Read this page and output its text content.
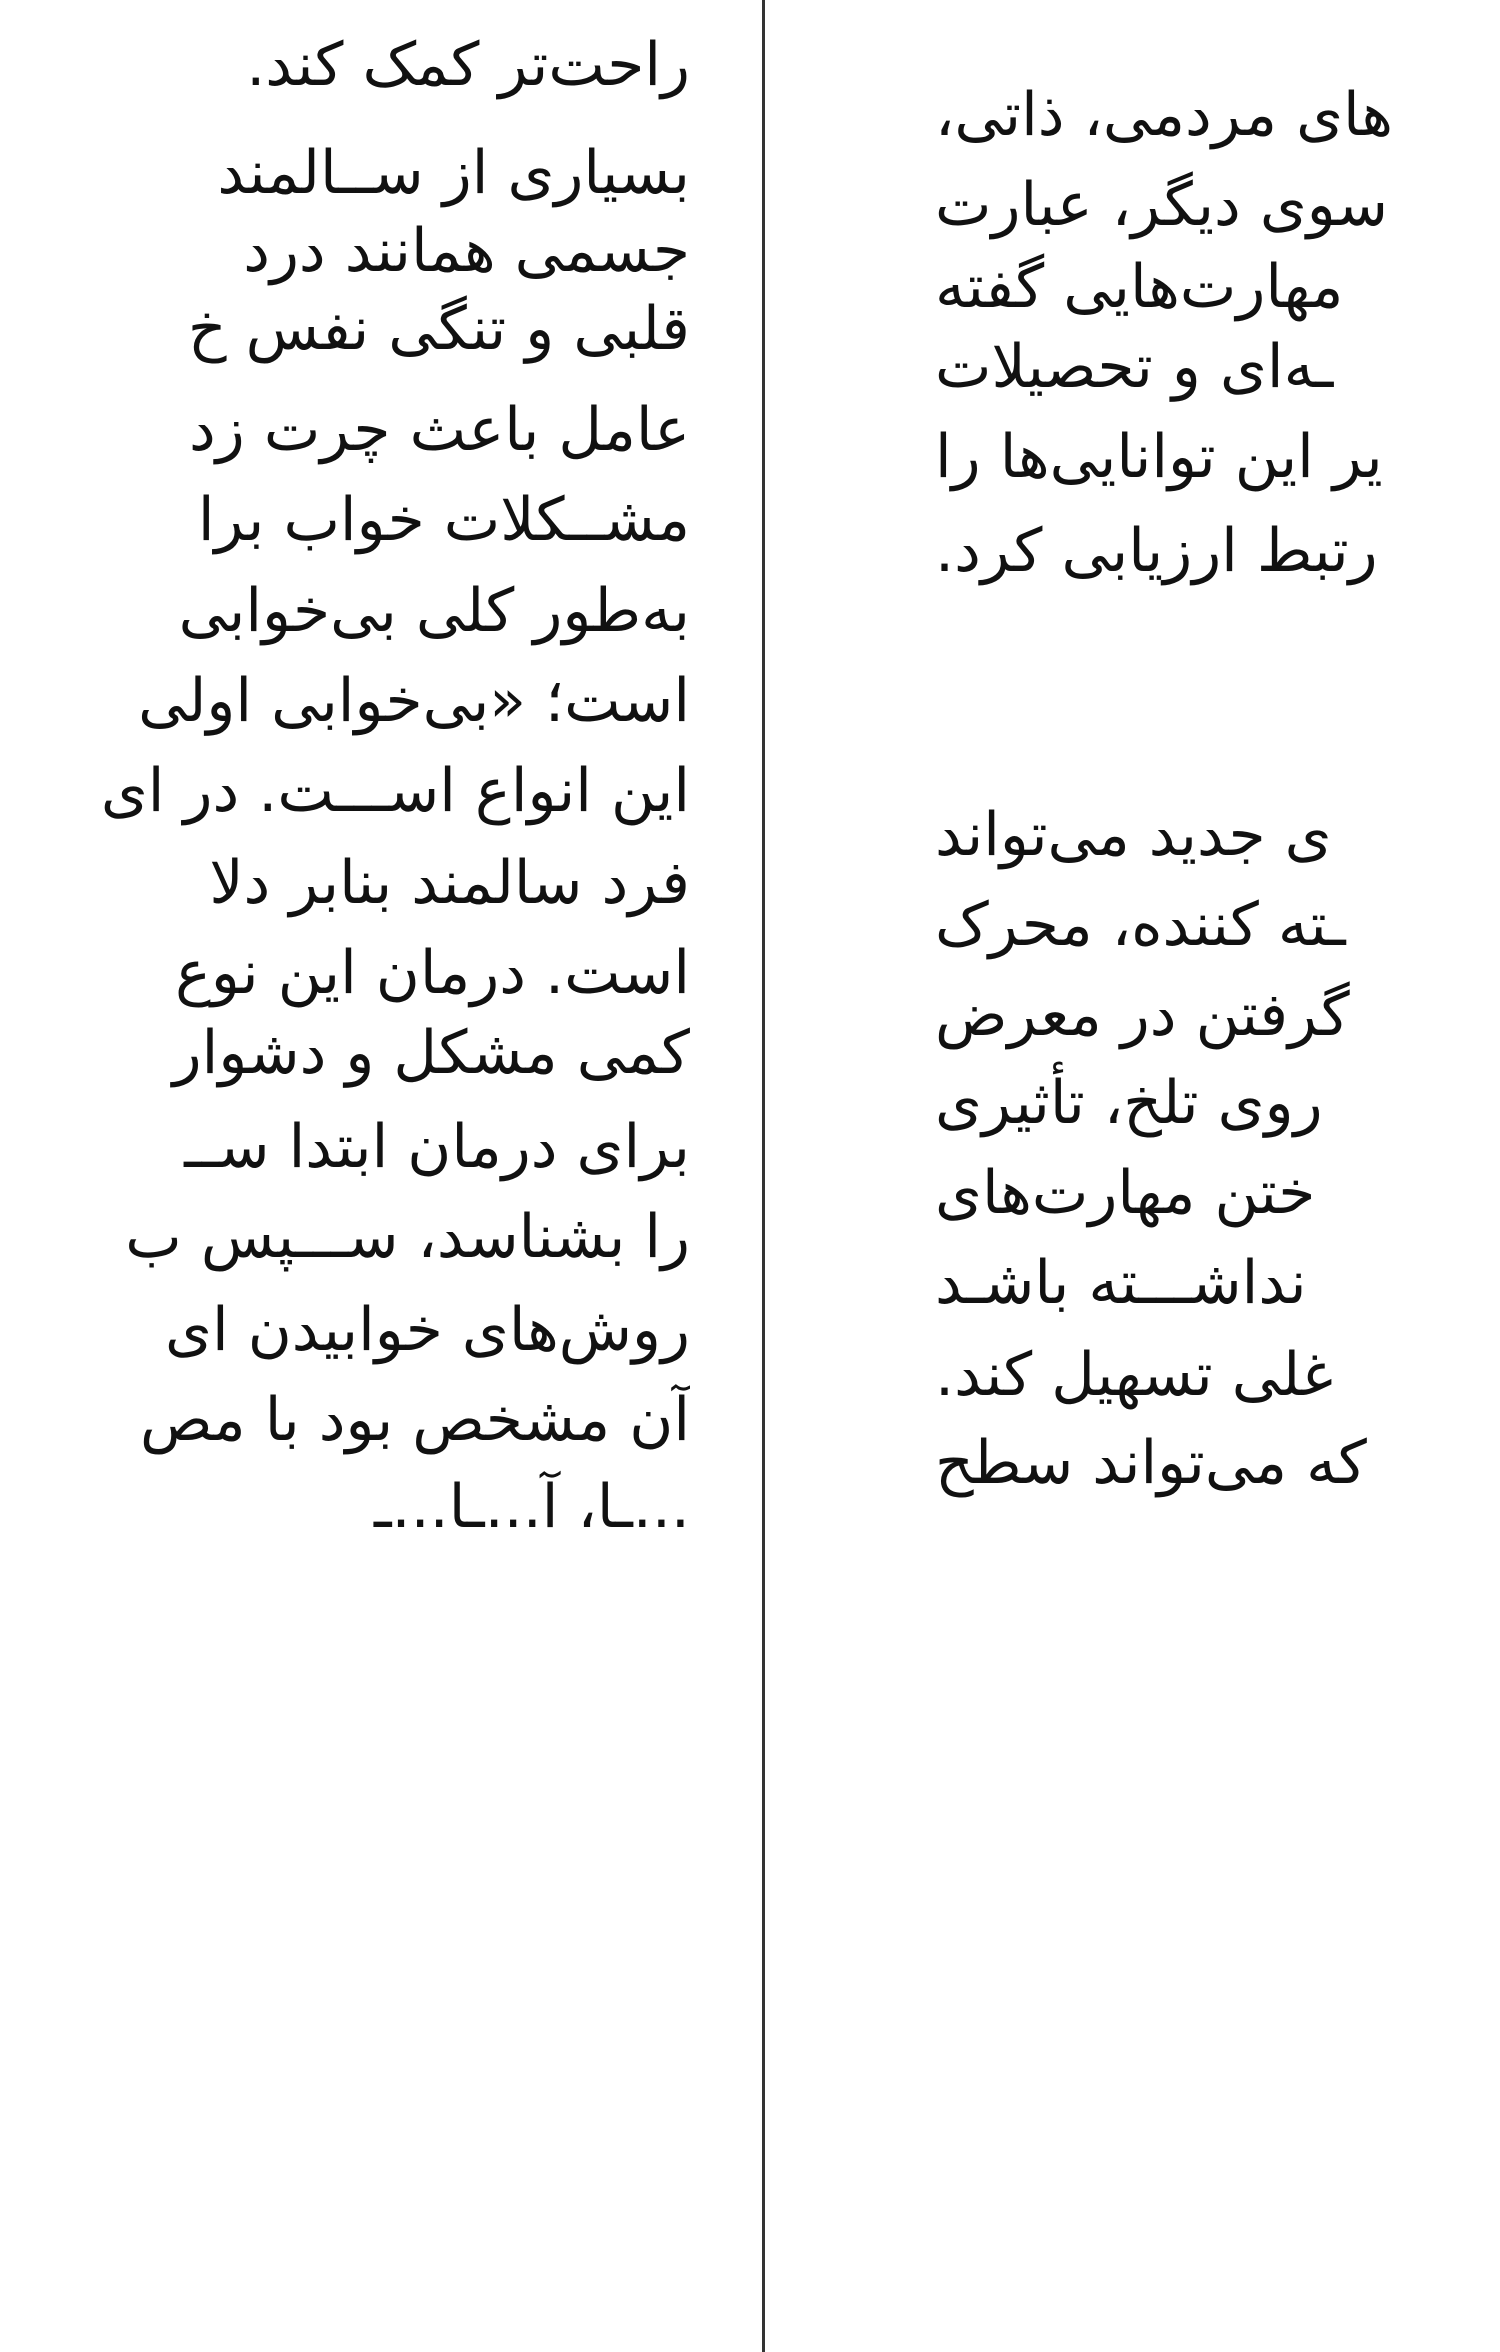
راحت‌تر کمک کند.
بسیاری از ســالمند
جسمی همانند درد
قلبی و تنگی نفس خ
عامل باعث چرت زد
مشــکلات خواب برا
به‌طور کلی بی‌خوابی
است؛ «بی‌خوابی اولی
این انواع اســـت. در ای
فرد سالمند بنابر دلا
است. درمان این نوع
کمی مشکل و دشوار
برای درمان ابتدا ســ
را بشناسد، ســـپس ب
روش‌های خوابیدن ای
آن مشخص بود با مص
...ـا، آ...ـا...ـ
های مردمی، ذاتی،
سوی دیگر، عبارت
مهارت‌هایی گفته
ـه‌ای و تحصیلات
یر این توانایی‌ها را
رتبط ارزیابی کرد.
ی جدید می‌تواند
ـته کننده، محرک
گرفتن در معرض
روی تلخ، تأثیری
ختن مهارت‌های
نداشـــته باشـد
غلی تسهیل کند.
که می‌تواند سطح
